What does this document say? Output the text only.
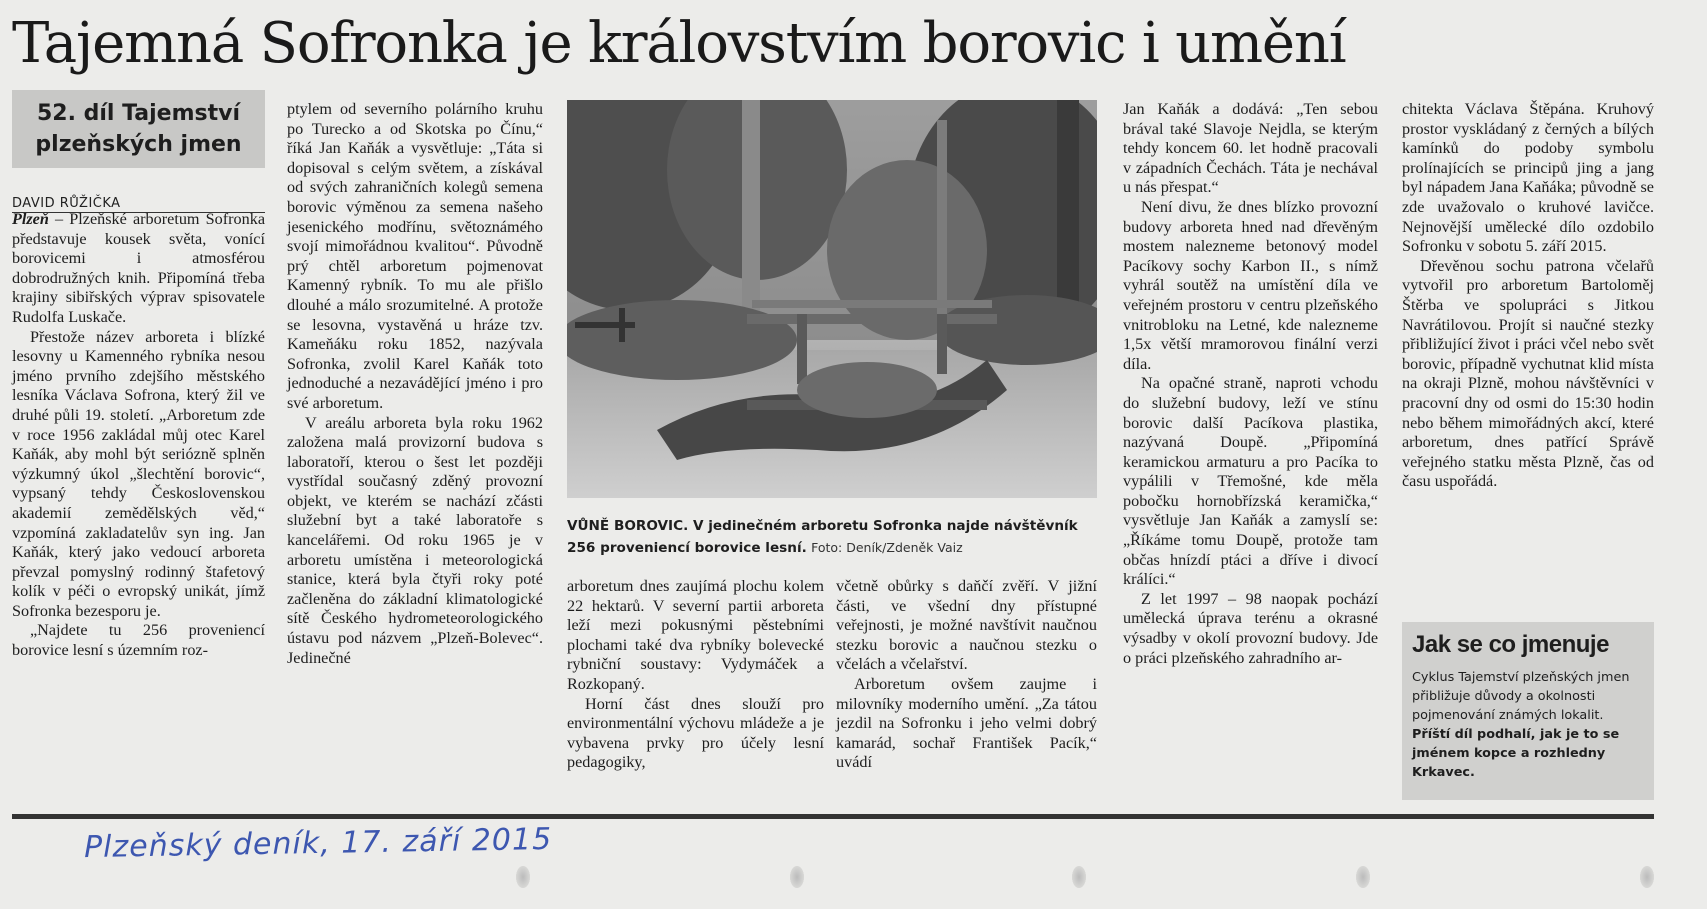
Tajemná Sofronka je královstvím borovic i umění
52. díl Tajemství
plzeňských jmen
DAVID RŮŽIČKA

Plzeň – Plzeňské arboretum Sofronka představuje kousek světa, vonící borovicemi i atmosférou dobrodružných knih. Připomíná třeba krajiny sibiřských výprav spisovatele Rudolfa Luskače.

Přestože název arboreta i blízké lesovny u Kamenného rybníka nesou jméno prvního zdejšího městského lesníka Václava Sofrona, který žil ve druhé půli 19. století. „Arboretum zde v roce 1956 zakládal můj otec Karel Kaňák, aby mohl být seriózně splněn výzkumný úkol „šlechtění borovic“, vypsaný tehdy Československou akademií zemědělských věd,“ vzpomíná zakladatelův syn ing. Jan Kaňák, který jako vedoucí arboreta převzal pomyslný rodinný štafetový kolík v péči o evropský unikát, jímž Sofronka bezesporu je.

„Najdete tu 256 proveniencí borovice lesní s územním roz-

ptylem od severního polárního kruhu po Turecko a od Skotska po Čínu,“ říká Jan Kaňák a vysvětluje: „Táta si dopisoval s celým světem, a získával od svých zahraničních kolegů semena borovic výměnou za semena našeho jesenického modřínu, světoznámého svojí mimořádnou kvalitou“. Původně prý chtěl arboretum pojmenovat Kamenný rybník. To mu ale přišlo dlouhé a málo srozumitelné. A protože se lesovna, vystavěná u hráze tzv. Kameňáku roku 1852, nazývala Sofronka, zvolil Karel Kaňák toto jednoduché a nezavádějící jméno i pro své arboretum.

V areálu arboreta byla roku 1962 založena malá provizorní budova s laboratoří, kterou o šest let později vystřídal současný zděný provozní objekt, ve kterém se nachází zčásti služební byt a také laboratoře s kancelářemi. Od roku 1965 je v arboretu umístěna i meteorologická stanice, která byla čtyři roky poté začleněna do základní klimatologické sítě Českého hydrometeorologického ústavu pod názvem „Plzeň-Bolevec“. Jedinečné

VŮNĚ BOROVIC. V jedinečném arboretu Sofronka najde návštěvník 256 proveniencí borovice lesní. Foto: Deník/Zdeněk Vaiz

arboretum dnes zaujímá plochu kolem 22 hektarů. V severní partii arboreta leží mezi pokusnými pěstebními plochami také dva rybníky bolevecké rybniční soustavy: Vydymáček a Rozkopaný.

Horní část dnes slouží pro environmentální výchovu mládeže a je vybavena prvky pro účely lesní pedagogiky,

včetně obůrky s daňčí zvěří. V jižní části, ve všední dny přístupné veřejnosti, je možné navštívit naučnou stezku borovic a naučnou stezku o včelách a včelařství.

Arboretum ovšem zaujme i milovníky moderního umění. „Za tátou jezdil na Sofronku i jeho velmi dobrý kamarád, sochař František Pacík,“ uvádí

Jan Kaňák a dodává: „Ten sebou brával také Slavoje Nejdla, se kterým tehdy koncem 60. let hodně pracovali v západních Čechách. Táta je nechával u nás přespat.“

Není divu, že dnes blízko provozní budovy arboreta hned nad dřevěným mostem nalezneme betonový model Pacíkovy sochy Karbon II., s nímž vyhrál soutěž na umístění díla ve veřejném prostoru v centru plzeňského vnitrobloku na Letné, kde nalezneme 1,5x větší mramorovou finální verzi díla.

Na opačné straně, naproti vchodu do služební budovy, leží ve stínu borovic další Pacíkova plastika, nazývaná Doupě. „Připomíná keramickou armaturu a pro Pacíka to vypálili v Třemošné, kde měla pobočku hornobřízská keramička,“ vysvětluje Jan Kaňák a zamyslí se: „Říkáme tomu Doupě, protože tam občas hnízdí ptáci a dříve i divocí králíci.“

Z let 1997 – 98 naopak pochází umělecká úprava terénu a okrasné výsadby v okolí provozní budovy. Jde o práci plzeňského zahradního ar-

chitekta Václava Štěpána. Kruhový prostor vyskládaný z černých a bílých kamínků do podoby symbolu prolínajících se principů jing a jang byl nápadem Jana Kaňáka; původně se zde uvažovalo o kruhové lavičce. Nejnovější umělecké dílo ozdobilo Sofronku v sobotu 5. září 2015.

Dřevěnou sochu patrona včelařů vytvořil pro arboretum Bartoloměj Štěrba ve spolupráci s Jitkou Navrátilovou. Projít si naučné stezky přibližující život i práci včel nebo svět borovic, případně vychutnat klid místa na okraji Plzně, mohou návštěvníci v pracovní dny od osmi do 15:30 hodin nebo během mimořádných akcí, které arboretum, dnes patřící Správě veřejného statku města Plzně, čas od času uspořádá.

Jak se co jmenuje

Cyklus Tajemství plzeňských jmen přibližuje důvody a okolnosti pojmenování známých lokalit.

Příští díl podhalí, jak je to se jménem kopce a rozhledny Krkavec.

Plzeňský deník, 17. září 2015
